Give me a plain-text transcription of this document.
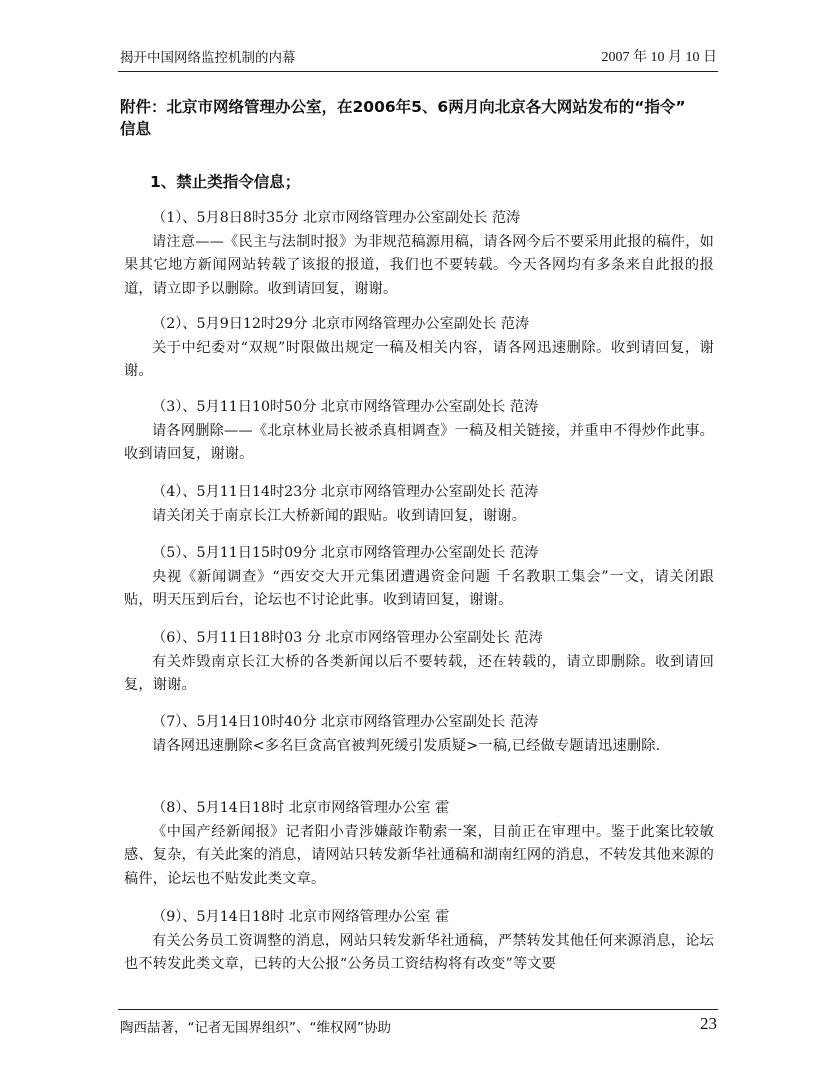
揭开中国网络监控机制的内幕	2007 年 10 月 10 日
附件：北京市网络管理办公室，在2006年5、6两月向北京各大网站发布的“指令”
信息
1、禁止类指令信息；
（1）、5月8日8时35分 北京市网络管理办公室副处长 范涛
请注意——《民主与法制时报》为非规范稿源用稿，请各网今后不要采用此报的稿件，如果其它地方新闻网站转载了该报的报道，我们也不要转载。今天各网均有多条来自此报的报道，请立即予以删除。收到请回复，谢谢。
（2）、5月9日12时29分 北京市网络管理办公室副处长 范涛
关于中纪委对“双规”时限做出规定一稿及相关内容，请各网迅速删除。收到请回复，谢谢。
（3）、5月11日10时50分 北京市网络管理办公室副处长 范涛
请各网删除——《北京林业局长被杀真相调查》一稿及相关链接，并重申不得炒作此事。收到请回复，谢谢。
（4）、5月11日14时23分 北京市网络管理办公室副处长 范涛
请关闭关于南京长江大桥新闻的跟贴。收到请回复，谢谢。
（5）、5月11日15时09分 北京市网络管理办公室副处长 范涛
央视《新闻调查》“西安交大开元集团遭遇资金问题 千名教职工集会”一文，请关闭跟贴，明天压到后台，论坛也不讨论此事。收到请回复，谢谢。
（6）、5月11日18时03 分 北京市网络管理办公室副处长 范涛
有关炸毁南京长江大桥的各类新闻以后不要转载，还在转载的，请立即删除。收到请回复，谢谢。
（7）、5月14日10时40分 北京市网络管理办公室副处长 范涛
请各网迅速删除<多名巨贪高官被判死缓引发质疑>一稿,已经做专题请迅速删除.
（8）、5月14日18时 北京市网络管理办公室 霍
《中国产经新闻报》记者阳小青涉嫌敲诈勒索一案，目前正在审理中。鉴于此案比较敏感、复杂，有关此案的消息，请网站只转发新华社通稿和湖南红网的消息，不转发其他来源的稿件，论坛也不贴发此类文章。
（9）、5月14日18时 北京市网络管理办公室 霍
有关公务员工资调整的消息，网站只转发新华社通稿，严禁转发其他任何来源消息，论坛也不转发此类文章，已转的大公报“公务员工资结构将有改变”等文要
陶西喆著，“记者无国界组织”、“维权网”协助	23
